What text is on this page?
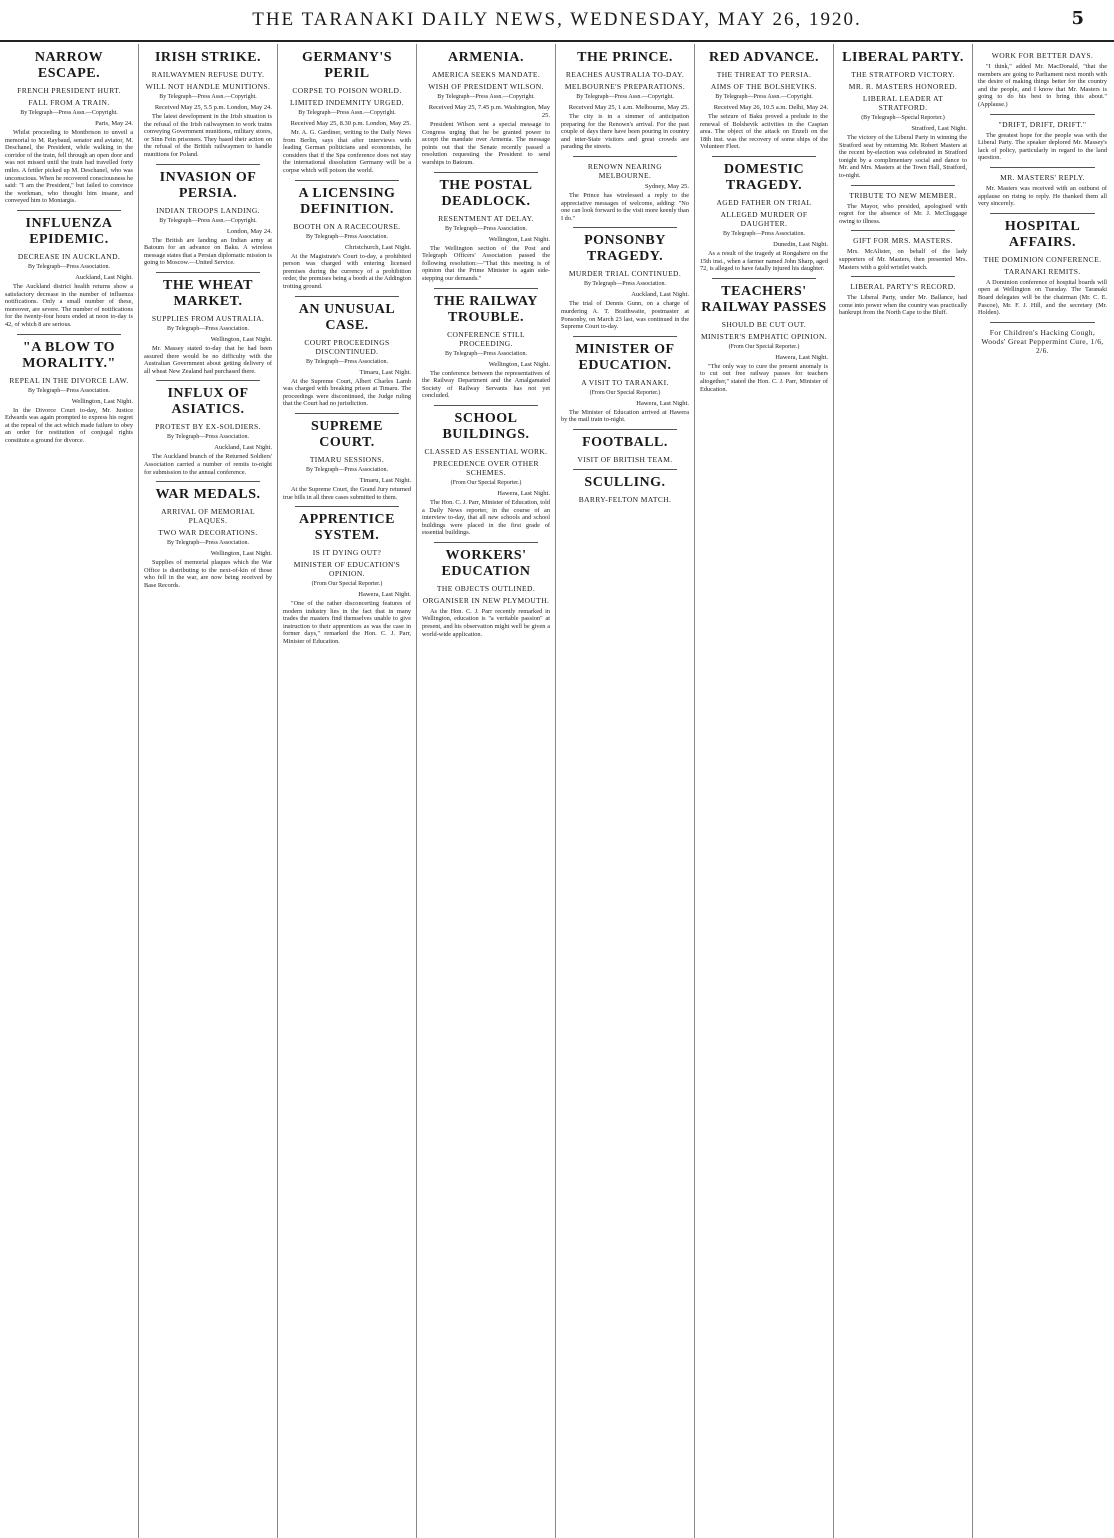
THE TARANAKI DAILY NEWS, WEDNESDAY, MAY 26, 1920.	5
NARROW ESCAPE.
FRENCH PRESIDENT HURT.
FALL FROM A TRAIN.
By Telegraph—Press Assn.—Copyright.
Paris, May 24.
Whilst proceeding to Montbrison to unveil a memorial to M. Raybaud, senator and aviator, M. Deschanel, the President, while walking in the corridor of the train, fell through an open door and was not missed until the train had travelled forty miles. A fettler picked up M. Deschanel, who was unconscious. When he recovered consciousness he said: "I am the President," but failed to convince the workman, who thought him insane, and conveyed him to Montargis.
INFLUENZA EPIDEMIC.
DECREASE IN AUCKLAND.
By Telegraph—Press Association.
Auckland, Last Night.
The Auckland district health returns show a satisfactory decrease in the number of influenza notifications. Only a small number of these, moreover, are severe. The number of notifications for the twenty-four hours ended at noon to-day is 42, of which 8 are serious.
"A BLOW TO MORALITY."
REPEAL IN THE DIVORCE LAW.
By Telegraph—Press Association.
Wellington, Last Night.
In the Divorce Court to-day, Mr. Justice Edwards was again prompted to express his regret at the repeal of the act which made failure to obey an order for restitution of conjugal rights constitute a ground for divorce.
IRISH STRIKE.
RAILWAYMEN REFUSE DUTY.
WILL NOT HANDLE MUNITIONS.
By Telegraph—Press Assn.—Copyright.
Received May 25, 5.5 p.m. London, May 24.
The latest development in the Irish situation is the refusal of the Irish railwaymen to work trains conveying Government munitions, military stores, or Sinn Fein prisoners. They based their action on the refusal of the British railwaymen to handle munitions for Poland.
INVASION OF PERSIA.
INDIAN TROOPS LANDING.
By Telegraph—Press Assn.—Copyright.
London, May 24.
The British are landing an Indian army at Batoum for an advance on Baku. A wireless message states that a Persian diplomatic mission is going to Moscow.—United Service.
THE WHEAT MARKET.
SUPPLIES FROM AUSTRALIA.
By Telegraph—Press Association.
Wellington, Last Night.
Mr. Massey stated to-day that he had been assured there would be no difficulty with the Australian Government about getting delivery of all wheat New Zealand had purchased there.
INFLUX OF ASIATICS.
PROTEST BY EX-SOLDIERS.
By Telegraph—Press Association.
Auckland, Last Night.
The Auckland branch of the Returned Soldiers' Association carried a number of remits to-night for submission to the annual conference.
WAR MEDALS.
ARRIVAL OF MEMORIAL PLAQUES.
TWO WAR DECORATIONS.
By Telegraph—Press Association.
Wellington, Last Night.
Supplies of memorial plaques which the War Office is distributing to the next-of-kin of those who fell in the war, are now being received by Base Records.
GERMANY'S PERIL
CORPSE TO POISON WORLD.
LIMITED INDEMNITY URGED.
By Telegraph—Press Assn.—Copyright.
Received May 25, 8.30 p.m. London, May 25.
Mr. A. G. Gardiner, writing to the Daily News from Berlin, says that after interviews with leading German politicians and economists, he considers that if the Spa conference does not stay the international dissolution Germany will be a corpse which will poison the world.
A LICENSING DEFINITION.
BOOTH ON A RACECOURSE.
By Telegraph—Press Association.
Christchurch, Last Night.
At the Magistrate's Court to-day, a prohibited person was charged with entering licensed premises during the currency of a prohibition order, the premises being a booth at the Addington trotting ground.
AN UNUSUAL CASE.
COURT PROCEEDINGS DISCONTINUED.
By Telegraph—Press Association.
Timaru, Last Night.
At the Supreme Court, Albert Charles Lamb was charged with breaking prison at Timaru. The proceedings were discontinued, the Judge ruling that the Court had no jurisdiction.
SUPREME COURT.
TIMARU SESSIONS.
By Telegraph—Press Association.
Timaru, Last Night.
At the Supreme Court, the Grand Jury returned true bills in all three cases submitted to them.
APPRENTICE SYSTEM.
IS IT DYING OUT?
MINISTER OF EDUCATION'S OPINION.
(From Our Special Reporter.)
Hawera, Last Night.
"One of the rather disconcerting features of modern industry lies in the fact that in many trades the masters find themselves unable to give instruction to their apprentices as was the case in former days," remarked the Hon. C. J. Parr, Minister of Education.
ARMENIA.
AMERICA SEEKS MANDATE.
WISH OF PRESIDENT WILSON.
By Telegraph—Press Assn.—Copyright.
Received May 25, 7.45 p.m. Washington, May 25.
President Wilson sent a special message to Congress urging that he be granted power to accept the mandate over Armenia. The message points out that the Senate recently passed a resolution requesting the President to send warships to Batoum.
THE POSTAL DEADLOCK.
RESENTMENT AT DELAY.
By Telegraph—Press Association.
Wellington, Last Night.
The Wellington section of the Post and Telegraph Officers' Association passed the following resolution:—"That this meeting is of opinion that the Prime Minister is again side-stepping our demands."
THE RAILWAY TROUBLE.
CONFERENCE STILL PROCEEDING.
By Telegraph—Press Association.
Wellington, Last Night.
The conference between the representatives of the Railway Department and the Amalgamated Society of Railway Servants has not yet concluded.
SCHOOL BUILDINGS.
CLASSED AS ESSENTIAL WORK.
PRECEDENCE OVER OTHER SCHEMES.
(From Our Special Reporter.)
Hawera, Last Night.
The Hon. C. J. Parr, Minister of Education, told a Daily News reporter, in the course of an interview to-day, that all new schools and school buildings were placed in the first grade of essential buildings.
WORKERS' EDUCATION
THE OBJECTS OUTLINED.
ORGANISER IN NEW PLYMOUTH.
As the Hon. C. J. Parr recently remarked in Wellington, education is "a veritable passion" at present, and his observation might well be given a world-wide application.
THE PRINCE.
REACHES AUSTRALIA TO-DAY.
MELBOURNE'S PREPARATIONS.
By Telegraph—Press Assn.—Copyright.
Received May 25, 1 a.m. Melbourne, May 25.
The city is in a simmer of anticipation preparing for the Renown's arrival. For the past couple of days there have been pouring in country and inter-State visitors and great crowds are parading the streets.
RENOWN NEARING MELBOURNE.
Sydney, May 25.
The Prince has wirelessed a reply to the appreciative messages of welcome, adding: "No one can look forward to the visit more keenly than I do."
PONSONBY TRAGEDY.
MURDER TRIAL CONTINUED.
By Telegraph—Press Association.
Auckland, Last Night.
The trial of Dennis Gunn, on a charge of murdering A. T. Braithwaite, postmaster at Ponsonby, on March 23 last, was continued in the Supreme Court to-day.
MINISTER OF EDUCATION.
A VISIT TO TARANAKI.
(From Our Special Reporter.)
Hawera, Last Night.
The Minister of Education arrived at Hawera by the mail train to-night.
FOOTBALL.
VISIT OF BRITISH TEAM.
SCULLING.
BARRY-FELTON MATCH.
RED ADVANCE.
THE THREAT TO PERSIA.
AIMS OF THE BOLSHEVIKS.
By Telegraph—Press Assn.—Copyright.
Received May 26, 10.5 a.m. Delhi, May 24.
The seizure of Baku proved a prelude to the renewal of Bolshevik activities in the Caspian area. The object of the attack on Enzeli on the 18th inst. was the recovery of some ships of the Volunteer Fleet.
DOMESTIC TRAGEDY.
AGED FATHER ON TRIAL
ALLEGED MURDER OF DAUGHTER.
By Telegraph—Press Association.
Dunedin, Last Night.
As a result of the tragedy at Rongahere on the 15th inst., when a farmer named John Sharp, aged 72, is alleged to have fatally injured his daughter.
TEACHERS' RAILWAY PASSES
SHOULD BE CUT OUT.
MINISTER'S EMPHATIC OPINION.
(From Our Special Reporter.)
Hawera, Last Night.
"The only way to cure the present anomaly is to cut out free railway passes for teachers altogether," stated the Hon. C. J. Parr, Minister of Education.
LIBERAL PARTY.
THE STRATFORD VICTORY.
MR. R. MASTERS HONORED.
LIBERAL LEADER AT STRATFORD.
(By Telegraph—Special Reporter.)
Stratford, Last Night.
The victory of the Liberal Party in winning the Stratford seat by returning Mr. Robert Masters at the recent by-election was celebrated in Stratford tonight by a complimentary social and dance to Mr. and Mrs. Masters at the Town Hall, Stratford, to-night.
TRIBUTE TO NEW MEMBER.
The Mayor, who presided, apologised with regret for the absence of Mr. J. McCluggage owing to illness.
GIFT FOR MRS. MASTERS.
Mrs. McAlister, on behalf of the lady supporters of Mr. Masters, then presented Mrs. Masters with a gold wristlet watch.
LIBERAL PARTY'S RECORD.
The Liberal Party, under Mr. Ballance, had come into power when the country was practically bankrupt from the North Cape to the Bluff.
WORK FOR BETTER DAYS.
"I think," added Mr. MacDonald, "that the members are going to Parliament next month with the desire of making things better for the country and the people, and I know that Mr. Masters is going to do his best to bring this about." (Applause.)
"DRIFT, DRIFT, DRIFT."
The greatest hope for the people was with the Liberal Party. The speaker deplored Mr. Massey's lack of policy, particularly in regard to the land question.
MR. MASTERS' REPLY.
Mr. Masters was received with an outburst of applause on rising to reply. He thanked them all very sincerely.
HOSPITAL AFFAIRS.
THE DOMINION CONFERENCE.
TARANAKI REMITS.
A Dominion conference of hospital boards will open at Wellington on Tuesday. The Taranaki Board delegates will be the chairman (Mr. C. E. Pascoe), Mr. F. J. Hill, and the secretary (Mr. Holden).
For Children's Hacking Cough, Woods' Great Peppermint Cure, 1/6, 2/6.
